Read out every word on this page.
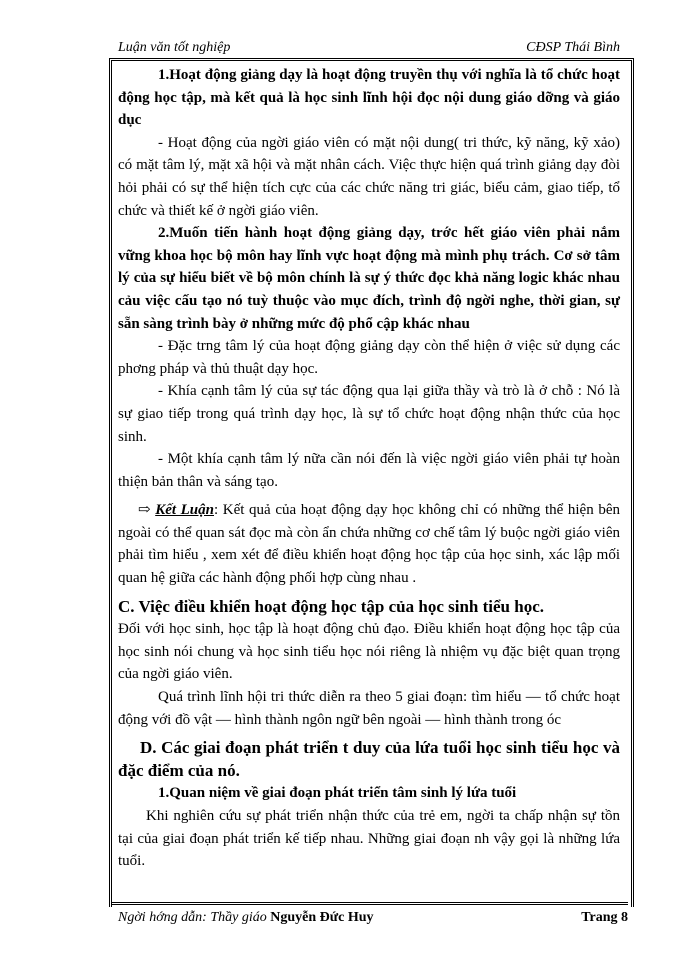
Luận văn tốt nghiệp	CĐSP Thái Bình

1.Hoạt động giảng dạy là hoạt động truyền thụ với nghĩa là tổ chức hoạt động học tập, mà kết quả là học sinh lĩnh hội đọc nội dung giáo dỡng và giáo dục

- Hoạt động của ngời giáo viên có mặt nội dung( tri thức, kỹ năng, kỹ xảo) có mặt tâm lý, mặt xã hội và mặt nhân cách. Việc thực hiện quá trình giảng dạy đòi hỏi phải có sự thể hiện tích cực của các chức năng tri giác, biểu cảm, giao tiếp, tổ chức và thiết kế ở ngời giáo viên.

2.Muốn tiến hành hoạt động giảng dạy, trớc hết giáo viên phải nắm vững khoa học bộ môn hay lĩnh vực hoạt động mà mình phụ trách. Cơ sở tâm lý của sự hiểu biết về bộ môn chính là sự ý thức đọc khả năng logic khác nhau cảu việc cấu tạo nó tuỳ thuộc vào mục đích, trình độ ngời nghe, thời gian, sự sẵn sàng trình bày ở những mức độ phổ cập khác nhau

- Đặc trng tâm lý của hoạt động giảng dạy còn thể hiện ở việc sử dụng các phơng pháp và thủ thuật dạy học.

- Khía cạnh tâm lý của sự tác động qua lại giữa thầy và trò là ở chỗ : Nó là sự giao tiếp trong quá trình dạy học, là sự tổ chức hoạt động nhận thức của học sinh.

- Một khía cạnh tâm lý nữa cần nói đến là việc ngời giáo viên phải tự hoàn thiện bản thân và sáng tạo.

⇨ Kết Luận: Kết quả của hoạt động dạy học không chỉ có những thể hiện bên ngoài có thể quan sát đọc mà còn ẩn chứa những cơ chế tâm lý buộc ngời giáo viên phải tìm hiểu , xem xét để điều khiển hoạt động học tập của học sinh, xác lập mối quan hệ giữa các hành động phối hợp cùng nhau .

C. Việc điều khiển hoạt động học tập của học sinh tiểu học.

Đối với học sinh, học tập là hoạt động chủ đạo. Điều khiển hoạt động học tập của học sinh nói chung và học sinh tiểu học nói riêng là nhiệm vụ đặc biệt quan trọng của ngời giáo viên.

Quá trình lĩnh hội tri thức diễn ra theo 5 giai đoạn: tìm hiểu — tổ chức hoạt động với đồ vật — hình thành ngôn ngữ bên ngoài — hình thành trong óc

D. Các giai đoạn phát triển t duy của lứa tuổi học sinh tiểu học và đặc điểm của nó.

1.Quan niệm về giai đoạn phát triển tâm sinh lý lứa tuổi

Khi nghiên cứu sự phát triển nhận thức của trẻ em, ngời ta chấp nhận sự tồn tại của giai đoạn phát triển kế tiếp nhau. Những giai đoạn nh vậy gọi là những lứa tuổi.

Ngời hớng dẫn: Thầy giáo Nguyễn Đức Huy	Trang 8
